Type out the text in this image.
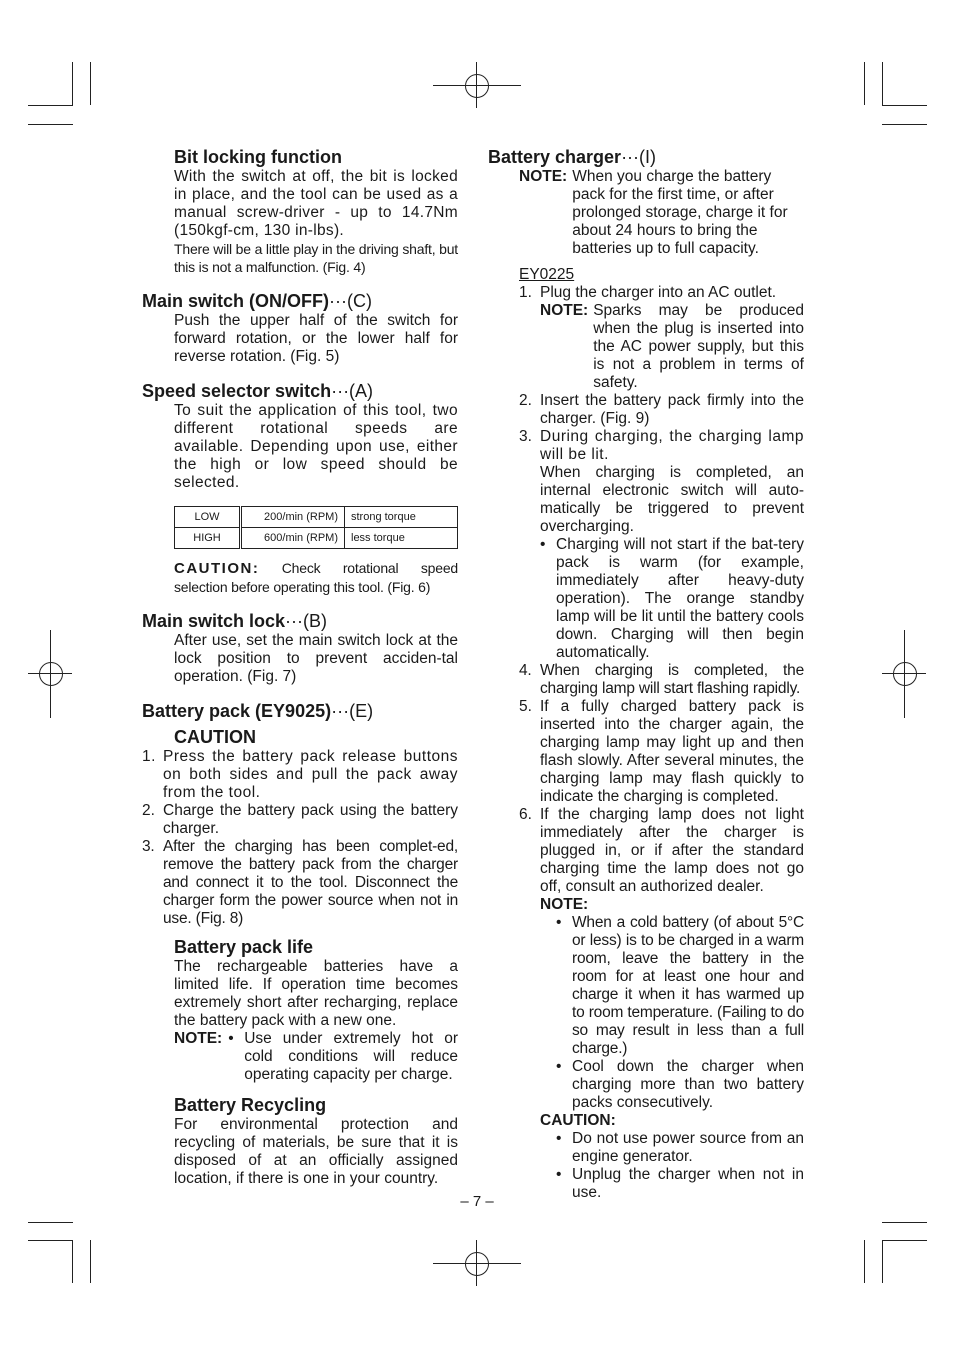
Bit locking function

With the switch at off, the bit is locked in place, and the tool can be used as a manual screw-driver - up to 14.7Nm (150kgf-cm, 130 in-lbs).

There will be a little play in the driving shaft, but this is not a malfunction. (Fig. 4)

Main switch (ON/OFF)···(C)

Push the upper half of the switch for forward rotation, or the lower half for reverse rotation. (Fig. 5)

Speed selector switch···(A)

To suit the application of this tool, two different rotational speeds are available. Depending upon use, either the high or low speed should be selected.

LOW	200/min (RPM)	strong torque
HIGH	600/min (RPM)	less torque

CAUTION: Check rotational speed selection before operating this tool. (Fig. 6)

Main switch lock···(B)

After use, set the main switch lock at the lock position to prevent acciden-tal operation. (Fig. 7)

Battery pack (EY9025)···(E)
CAUTION
1. Press the battery pack release buttons on both sides and pull the pack away from the tool.
2. Charge the battery pack using the battery charger.
3. After the charging has been complet-ed, remove the battery pack from the charger and connect it to the tool. Disconnect the charger form the power source when not in use. (Fig. 8)
Battery pack life

The rechargeable batteries have a limited life. If operation time becomes extremely short after recharging, replace the battery pack with a new one.

NOTE: • Use under extremely hot or cold conditions will reduce operating capacity per charge.
Battery Recycling

For environmental protection and recycling of materials, be sure that it is disposed of at an officially assigned location, if there is one in your country.

Battery charger···(I)
NOTE: When you charge the battery pack for the first time, or after prolonged storage, charge it for about 24 hours to bring the batteries up to full capacity.
EY0225
1. Plug the charger into an AC outlet.
NOTE: Sparks may be produced when the plug is inserted into the AC power supply, but this is not a problem in terms of safety.
2. Insert the battery pack firmly into the charger. (Fig. 9)
3. During charging, the charging lamp will be lit.
When charging is completed, an internal electronic switch will auto-matically be triggered to prevent overcharging.
• Charging will not start if the bat-tery pack is warm (for example, immediately after heavy-duty operation). The orange standby lamp will be lit until the battery cools down. Charging will then begin automatically.
4. When charging is completed, the charging lamp will start flashing rapidly.
5. If a fully charged battery pack is inserted into the charger again, the charging lamp may light up and then flash slowly. After several minutes, the charging lamp may flash quickly to indicate the charging is completed.
6. If the charging lamp does not light immediately after the charger is plugged in, or if after the standard charging time the lamp does not go off, consult an authorized dealer.
NOTE:
• When a cold battery (of about 5°C or less) is to be charged in a warm room, leave the battery in the room for at least one hour and charge it when it has warmed up to room temperature. (Failing to do so may result in less than a full charge.)
• Cool down the charger when charging more than two battery packs consecutively.
CAUTION:
• Do not use power source from an engine generator.
• Unplug the charger when not in use.
– 7 –
